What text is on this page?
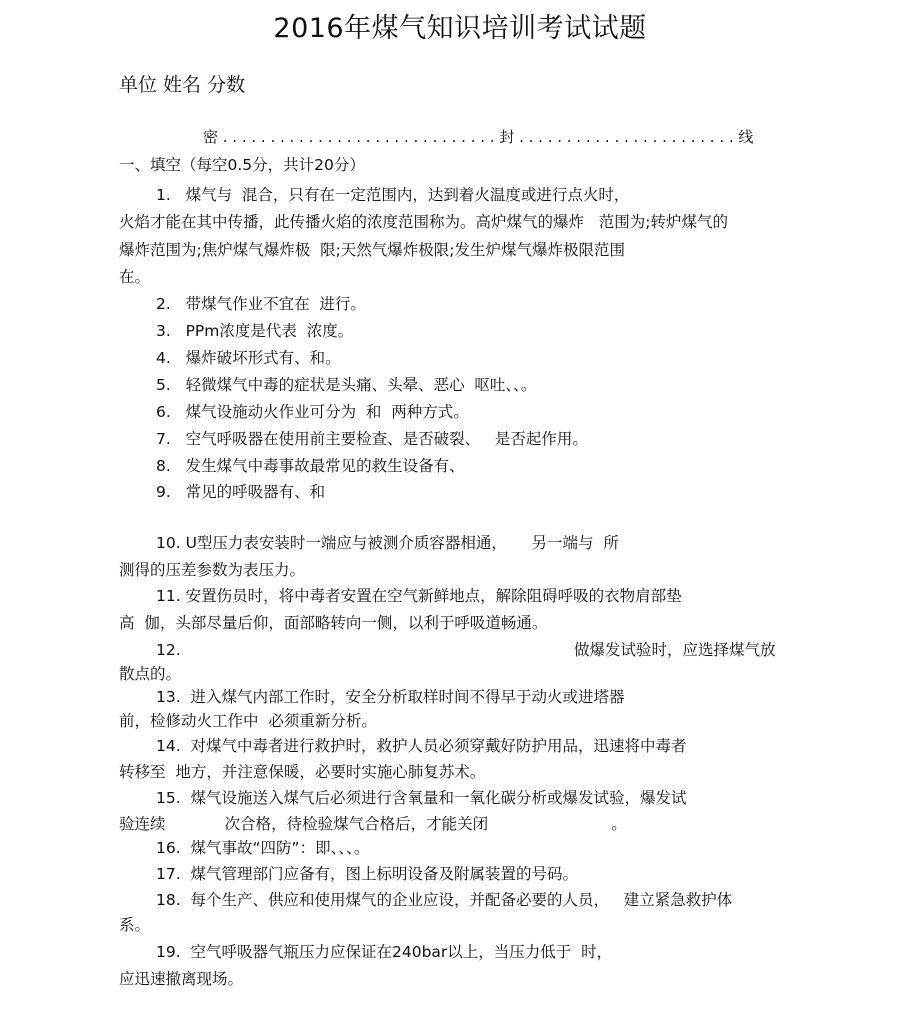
2016年煤气知识培训考试试题
单位 姓名 分数
密 . . . . . . . . . . . . . . . . . . . . . . . . . . . . . 封 . . . . . . . . . . . . . . . . . . . . . . . 线
一、填空（每空0.5分，共计20分）
1.   煤气与  混合，只有在一定范围内，达到着火温度或进行点火时，
火焰才能在其中传播，此传播火焰的浓度范围称为。高炉煤气的爆炸   范围为;转炉煤气的
爆炸范围为;焦炉煤气爆炸极  限;天然气爆炸极限;发生炉煤气爆炸极限范围
在。
2.   带煤气作业不宜在  进行。
3.   PPm浓度是代表  浓度。
4.   爆炸破坏形式有、和。
5.   轻微煤气中毒的症状是头痛、头晕、恶心  呕吐、、。
6.   煤气设施动火作业可分为  和  两种方式。
7.   空气呼吸器在使用前主要检查、是否破裂、   是否起作用。
8.   发生煤气中毒事故最常见的救生设备有、
9.   常见的呼吸器有、和
10. U型压力表安装时一端应与被测介质容器相通，     另一端与  所
测得的压差参数为表压力。
11. 安置伤员时，将中毒者安置在空气新鲜地点，解除阻碍呼吸的衣物肩部垫
高  伽，头部尽量后仰，面部略转向一侧，以利于呼吸道畅通。
12.	做爆发试验时，应选择煤气放
散点的。
13.  进入煤气内部工作时，安全分析取样时间不得早于动火或进塔器
前，检修动火工作中  必须重新分析。
14.  对煤气中毒者进行救护时，救护人员必须穿戴好防护用品，迅速将中毒者
转移至  地方，并注意保暖，必要时实施心肺复苏术。
15.  煤气设施送入煤气后必须进行含氧量和一氧化碳分析或爆发试验，爆发试
验连续            次合格，待检验煤气合格后，才能关闭                         。
16.  煤气事故“四防”：即、、、。
17.  煤气管理部门应备有，图上标明设备及附属装置的号码。
18.  每个生产、供应和使用煤气的企业应设，并配备必要的人员，   建立紧急救护体
系。
19.  空气呼吸器气瓶压力应保证在240bar以上，当压力低于  时，
应迅速撤离现场。
